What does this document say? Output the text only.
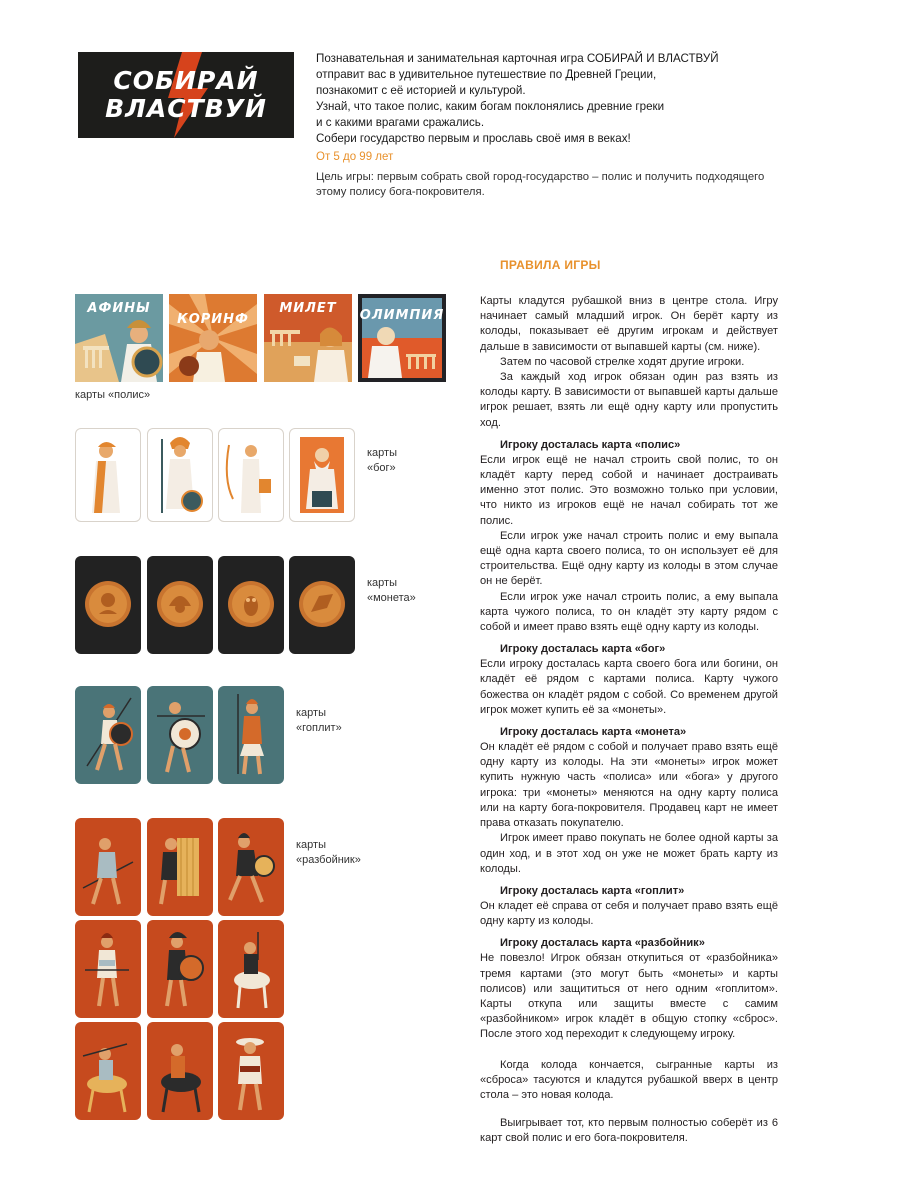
СОБИРАЙ
ВЛАСТВУЙ
Познавательная и занимательная карточная игра СОБИРАЙ И ВЛАСТВУЙ
отправит вас в удивительное путешествие по Древней Греции,
познакомит с её историей и культурой.
Узнай, что такое полис, каким богам поклонялись древние греки
и с какими врагами сражались.
Собери государство первым и прославь своё имя в веках!
От 5 до 99 лет
Цель игры: первым собрать свой город-государство – полис и получить подходящего
этому полису бога-покровителя.
АФИНЫ
КОРИНФ
МИЛЕТ	ОЛИМПИЯ
карты «полис»
карты
«бог»
карты
«монета»
карты
«гоплит»
карты
«разбойник»
ПРАВИЛА ИГРЫ

Карты кладутся рубашкой вниз в центре стола. Игру начинает самый младший игрок. Он берёт карту из колоды, показывает её другим игрокам и действует дальше в зависимости от выпавшей карты (см. ниже).

Затем по часовой стрелке ходят другие игроки.

За каждый ход игрок обязан один раз взять из колоды карту. В зависимости от выпавшей карты дальше игрок решает, взять ли ещё одну карту или пропустить ход.

Игроку досталась карта «полис»

Если игрок ещё не начал строить свой полис, то он кладёт карту перед собой и начинает достраивать именно этот полис. Это возможно только при условии, что никто из игроков ещё не начал собирать тот же полис.

Если игрок уже начал строить полис и ему выпала ещё одна карта своего полиса, то он использует её для строительства. Ещё одну карту из колоды в этом случае он не берёт.

Если игрок уже начал строить полис, а ему выпала карта чужого полиса, то он кладёт эту карту рядом с собой и имеет право взять ещё одну карту из колоды.

Игроку досталась карта «бог»

Если игроку досталась карта своего бога или богини, он кладёт её рядом с картами полиса. Карту чужого божества он кладёт рядом с собой. Со временем другой игрок может купить её за «монеты».

Игроку досталась карта «монета»

Он кладёт её рядом с собой и получает право взять ещё одну карту из колоды. На эти «монеты» игрок может купить нужную часть «полиса» или «бога» у другого игрока: три «монеты» меняются на одну карту полиса или на карту бога-покровителя. Продавец карт не имеет права отказать покупателю.

Игрок имеет право покупать не более одной карты за один ход, и в этот ход он уже не может брать карту из колоды.

Игроку досталась карта «гоплит»

Он кладет её справа от себя и получает право взять ещё одну карту из колоды.

Игроку досталась карта «разбойник»

Не повезло! Игрок обязан откупиться от «разбойника» тремя картами (это могут быть «монеты» и карты полисов) или защититься от него одним «гоплитом». Карты откупа или защиты вместе с самим «разбойником» игрок кладёт в общую стопку «сброс». После этого ход переходит к следующему игроку.

Когда колода кончается, сыгранные карты из «сброса» тасуются и кладутся рубашкой вверх в центр стола – это новая колода.

Выигрывает тот, кто первым полностью соберёт из 6 карт свой полис и его бога-покровителя.
